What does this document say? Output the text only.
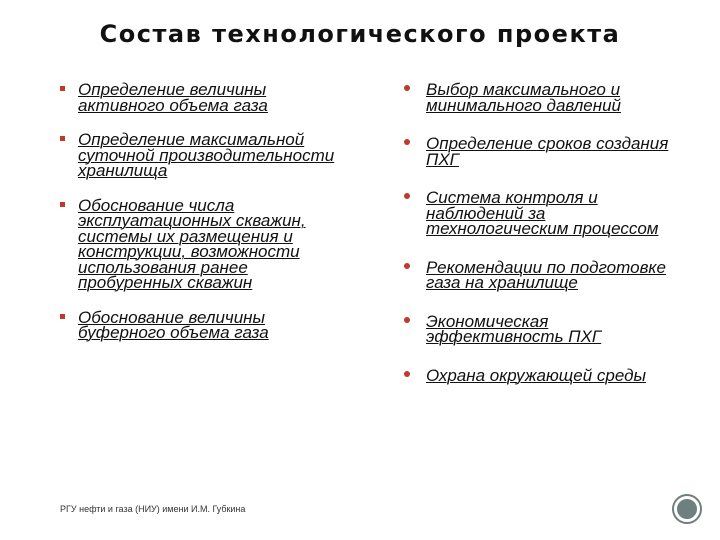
Состав технологического проекта
Определение величины активного объема газа
Определение максимальной суточной производительности хранилища
Обоснование числа эксплуатационных скважин, системы их размещения и конструкции, возможности использования ранее пробуренных скважин
Обоснование величины буферного объема газа
Выбор максимального и минимального давлений
Определение сроков создания ПХГ
Система контроля и наблюдений за технологическим процессом
Рекомендации по подготовке газа на хранилище
Экономическая эффективность ПХГ
Охрана окружающей среды
РГУ нефти и газа (НИУ) имени И.М. Губкина
